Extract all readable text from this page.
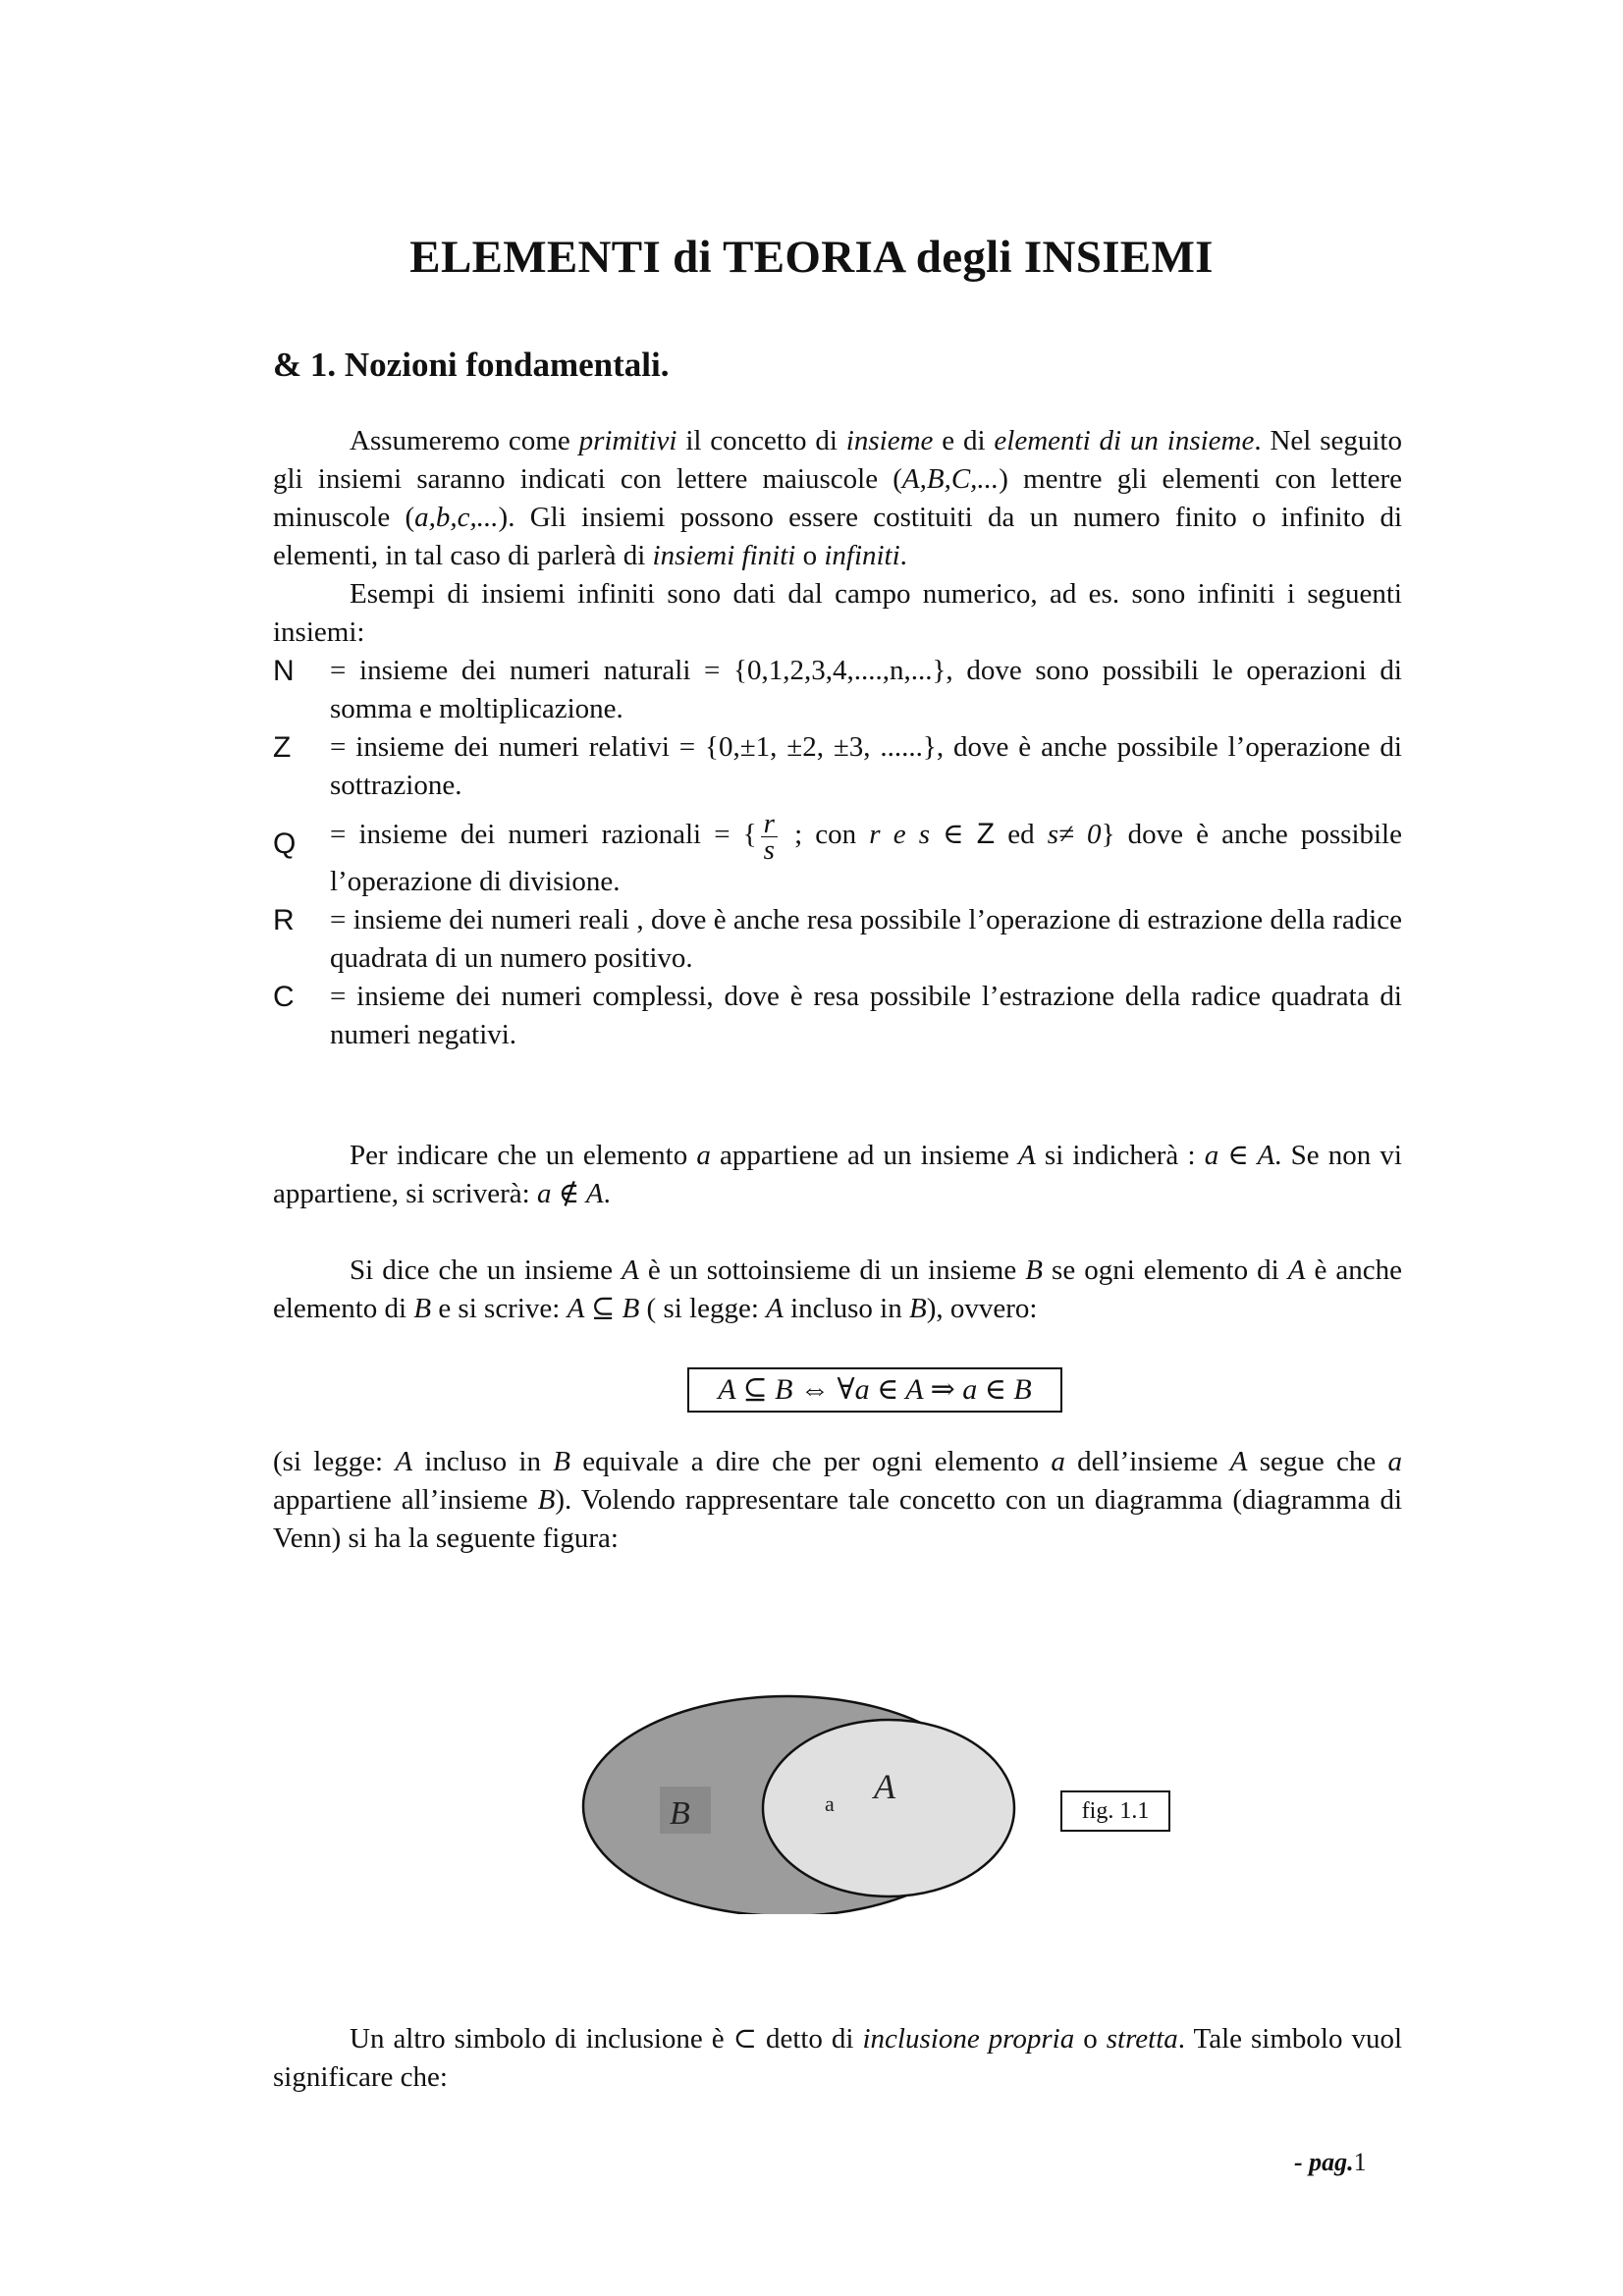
ELEMENTI di TEORIA degli INSIEMI
& 1. Nozioni fondamentali.
Assumeremo come primitivi il concetto di insieme e di elementi di un insieme. Nel seguito gli insiemi saranno indicati con lettere maiuscole (A,B,C,...) mentre gli elementi con lettere minuscole (a,b,c,...). Gli insiemi possono essere costituiti da un numero finito o infinito di elementi, in tal caso di parlerà di insiemi finiti o infiniti.
Esempi di insiemi infiniti sono dati dal campo numerico, ad es. sono infiniti i seguenti insiemi:
N = insieme dei numeri naturali = {0,1,2,3,4,....,n,...}, dove sono possibili le operazioni di somma e moltiplicazione.
Z = insieme dei numeri relativi = {0,±1, ±2, ±3, ......}, dove è anche possibile l’operazione di sottrazione.
Q = insieme dei numeri razionali = { $\frac{r}{s}$ ; con r e s ∈ Z ed s≠ 0} dove è anche possibile l’operazione di divisione.
R = insieme dei numeri reali , dove è anche resa possibile l’operazione di estrazione della radice quadrata di un numero positivo.
C = insieme dei numeri complessi, dove è resa possibile l’estrazione della radice quadrata di numeri negativi.
Per indicare che un elemento a appartiene ad un insieme A si indicherà : a ∈ A. Se non vi appartiene, si scriverà: a ∉ A.
Si dice che un insieme A è un sottoinsieme di un insieme B se ogni elemento di A è anche elemento di B e si scrive: A ⊆ B ( si legge: A incluso in B), ovvero:
A ⊆ B ⇔ ∀a ∈ A ⇒ a ∈ B
(si legge: A incluso in B equivale a dire che per ogni elemento a dell’insieme A segue che a appartiene all’insieme B). Volendo rappresentare tale concetto con un diagramma (diagramma di Venn) si ha la seguente figura:
B	a A
fig. 1.1
Un altro simbolo di inclusione è ⊂ detto di inclusione propria o stretta. Tale simbolo vuol significare che:
- pag.1
